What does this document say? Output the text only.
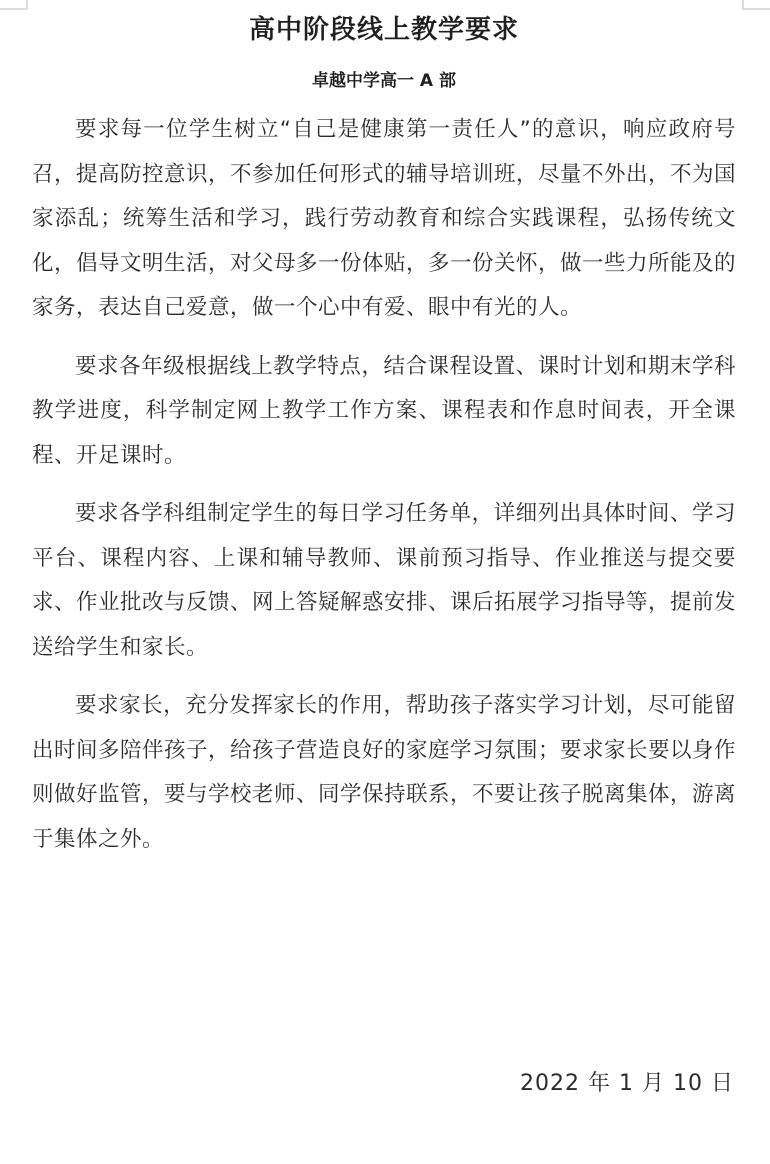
高中阶段线上教学要求
卓越中学高一 A 部

要求每一位学生树立“自己是健康第一责任人”的意识，响应政府号召，提高防控意识，不参加任何形式的辅导培训班，尽量不外出，不为国家添乱；统筹生活和学习，践行劳动教育和综合实践课程，弘扬传统文化，倡导文明生活，对父母多一份体贴，多一份关怀，做一些力所能及的家务，表达自己爱意，做一个心中有爱、眼中有光的人。

要求各年级根据线上教学特点，结合课程设置、课时计划和期末学科教学进度，科学制定网上教学工作方案、课程表和作息时间表，开全课程、开足课时。

要求各学科组制定学生的每日学习任务单，详细列出具体时间、学习平台、课程内容、上课和辅导教师、课前预习指导、作业推送与提交要求、作业批改与反馈、网上答疑解惑安排、课后拓展学习指导等，提前发送给学生和家长。

要求家长，充分发挥家长的作用，帮助孩子落实学习计划，尽可能留出时间多陪伴孩子，给孩子营造良好的家庭学习氛围；要求家长要以身作则做好监管，要与学校老师、同学保持联系，不要让孩子脱离集体，游离于集体之外。

2022 年 1 月 10 日
